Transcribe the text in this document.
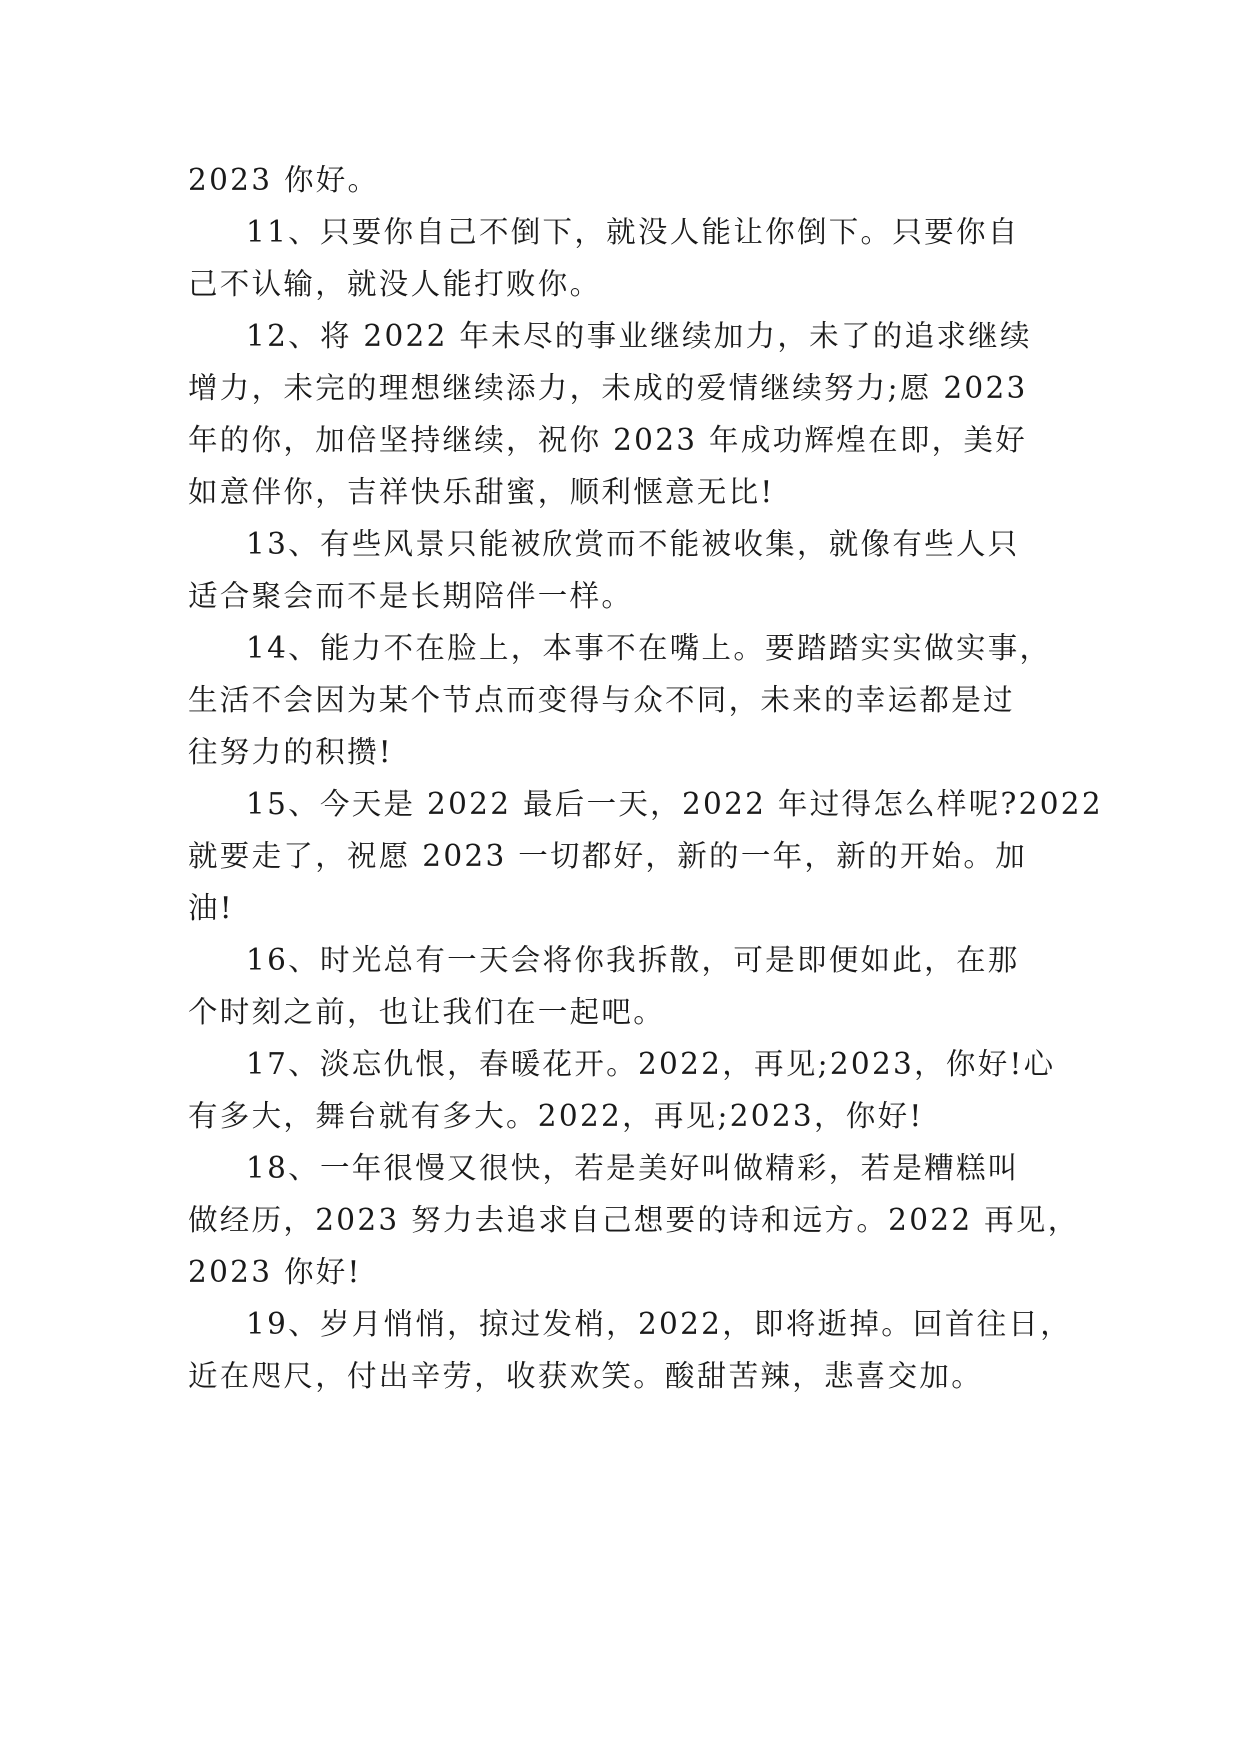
2023 你好。
11、只要你自己不倒下，就没人能让你倒下。只要你自
己不认输，就没人能打败你。
12、将 2022 年未尽的事业继续加力，未了的追求继续
增力，未完的理想继续添力，未成的爱情继续努力;愿 2023
年的你，加倍坚持继续，祝你 2023 年成功辉煌在即，美好
如意伴你，吉祥快乐甜蜜，顺利惬意无比!
13、有些风景只能被欣赏而不能被收集，就像有些人只
适合聚会而不是长期陪伴一样。
14、能力不在脸上，本事不在嘴上。要踏踏实实做实事，
生活不会因为某个节点而变得与众不同，未来的幸运都是过
往努力的积攒!
15、今天是 2022 最后一天，2022 年过得怎么样呢?2022
就要走了，祝愿 2023 一切都好，新的一年，新的开始。加
油!
16、时光总有一天会将你我拆散，可是即便如此，在那
个时刻之前，也让我们在一起吧。
17、淡忘仇恨，春暖花开。2022，再见;2023，你好!心
有多大，舞台就有多大。2022，再见;2023，你好!
18、一年很慢又很快，若是美好叫做精彩，若是糟糕叫
做经历，2023 努力去追求自己想要的诗和远方。2022 再见，
2023 你好!
19、岁月悄悄，掠过发梢，2022，即将逝掉。回首往日，
近在咫尺，付出辛劳，收获欢笑。酸甜苦辣，悲喜交加。
